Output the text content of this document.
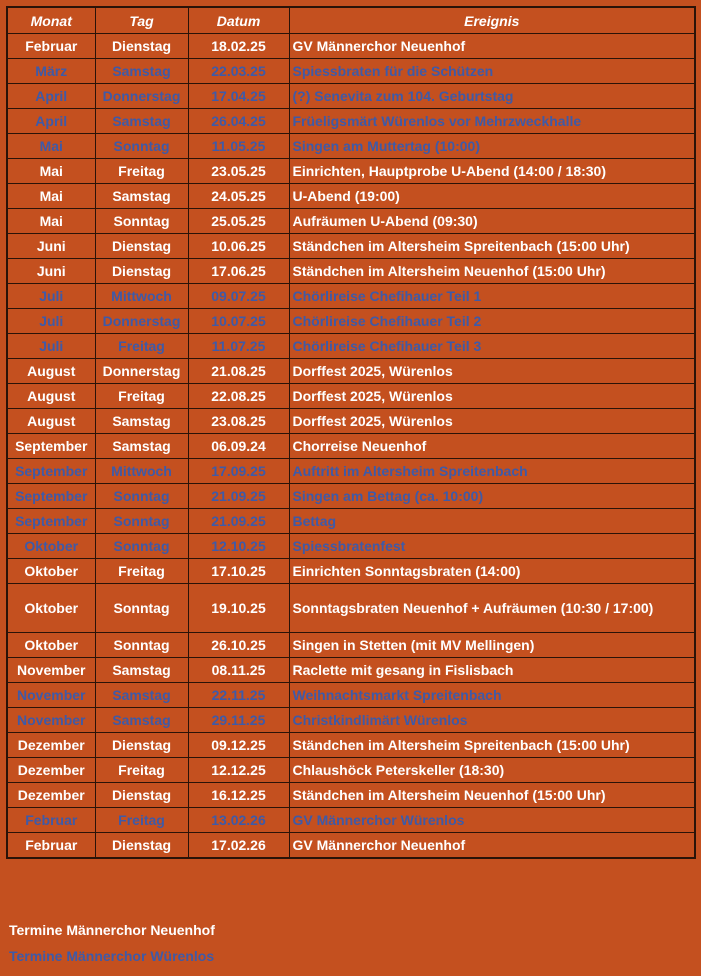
Monat	Tag	Datum	Ereignis
Februar	Dienstag	18.02.25	GV Männerchor Neuenhof
März	Samstag	22.03.25	Spiessbraten für die Schützen
April	Donnerstag	17.04.25	(?) Senevita zum 104. Geburtstag
April	Samstag	26.04.25	Früeligsmärt Würenlos vor Mehrzweckhalle
Mai	Sonntag	11.05.25	Singen am Muttertag (10:00)
Mai	Freitag	23.05.25	Einrichten, Hauptprobe U-Abend (14:00 / 18:30)
Mai	Samstag	24.05.25	U-Abend (19:00)
Mai	Sonntag	25.05.25	Aufräumen U-Abend (09:30)
Juni	Dienstag	10.06.25	Ständchen im Altersheim Spreitenbach (15:00 Uhr)
Juni	Dienstag	17.06.25	Ständchen im Altersheim Neuenhof (15:00 Uhr)
Juli	Mittwoch	09.07.25	Chörlireise Chefihauer Teil 1
Juli	Donnerstag	10.07.25	Chörlireise Chefihauer Teil 2
Juli	Freitag	11.07.25	Chörlireise Chefihauer Teil 3
August	Donnerstag	21.08.25	Dorffest 2025, Würenlos
August	Freitag	22.08.25	Dorffest 2025, Würenlos
August	Samstag	23.08.25	Dorffest 2025, Würenlos
September	Samstag	06.09.24	Chorreise Neuenhof
September	Mittwoch	17.09.25	Auftritt im Altersheim Spreitenbach
September	Sonntag	21.09.25	Singen am Bettag (ca. 10:00)
September	Sonntag	21.09.25	Bettag
Oktober	Sonntag	12.10.25	Spiessbratenfest
Oktober	Freitag	17.10.25	Einrichten Sonntagsbraten (14:00)
Oktober	Sonntag	19.10.25	Sonntagsbraten Neuenhof + Aufräumen (10:30 / 17:00)
Oktober	Sonntag	26.10.25	Singen in Stetten (mit MV Mellingen)
November	Samstag	08.11.25	Raclette mit gesang in Fislisbach
November	Samstag	22.11.25	Weihnachtsmarkt Spreitenbach
November	Samstag	29.11.25	Christkindlimärt Würenlos
Dezember	Dienstag	09.12.25	Ständchen im Altersheim Spreitenbach (15:00 Uhr)
Dezember	Freitag	12.12.25	Chlaushöck Peterskeller (18:30)
Dezember	Dienstag	16.12.25	Ständchen im Altersheim Neuenhof (15:00 Uhr)
Februar	Freitag	13.02.26	GV Männerchor Würenlos
Februar	Dienstag	17.02.26	GV Männerchor Neuenhof
Termine Männerchor Neuenhof
Termine Männerchor Würenlos
